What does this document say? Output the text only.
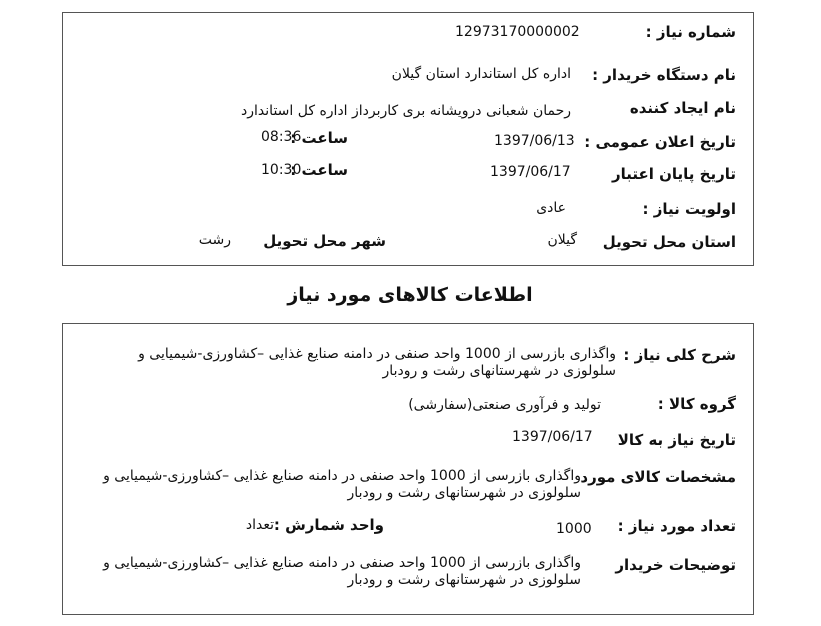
شماره نیاز :
12973170000002
نام دستگاه خریدار :
اداره کل استاندارد استان گیلان
نام ایجاد کننده
رحمان شعبانی درویشانه برى کاربرداز اداره کل استاندارد
تاریخ اعلان عمومی :
1397/06/13
ساعت :
08:36
تاریخ پایان اعتبار
1397/06/17
ساعت :
10:30
اولویت نیاز :
عادی
استان محل تحویل
گیلان
شهر محل تحویل
رشت
اطلاعات کالاهای مورد نیاز
شرح کلی نیاز :
واگذاری بازرسی از 1000 واحد صنفی در دامنه صنایع غذایی –کشاورزی-شیمیایی و سلولوزی در شهرستانهای رشت و رودبار
گروه کالا :
تولید و فرآوری صنعتی(سفارشی)
تاریخ نیاز به کالا
1397/06/17
مشخصات کالای مورد
واگذاری بازرسی از 1000 واحد صنفی در دامنه صنایع غذایی –کشاورزی-شیمیایی و سلولوزی در شهرستانهای رشت و رودبار
تعداد مورد نیاز :
1000
واحد شمارش :
تعداد
توضیحات خریدار
واگذاری بازرسی از 1000 واحد صنفی در دامنه صنایع غذایی –کشاورزی-شیمیایی و سلولوزی در شهرستانهای رشت و رودبار
